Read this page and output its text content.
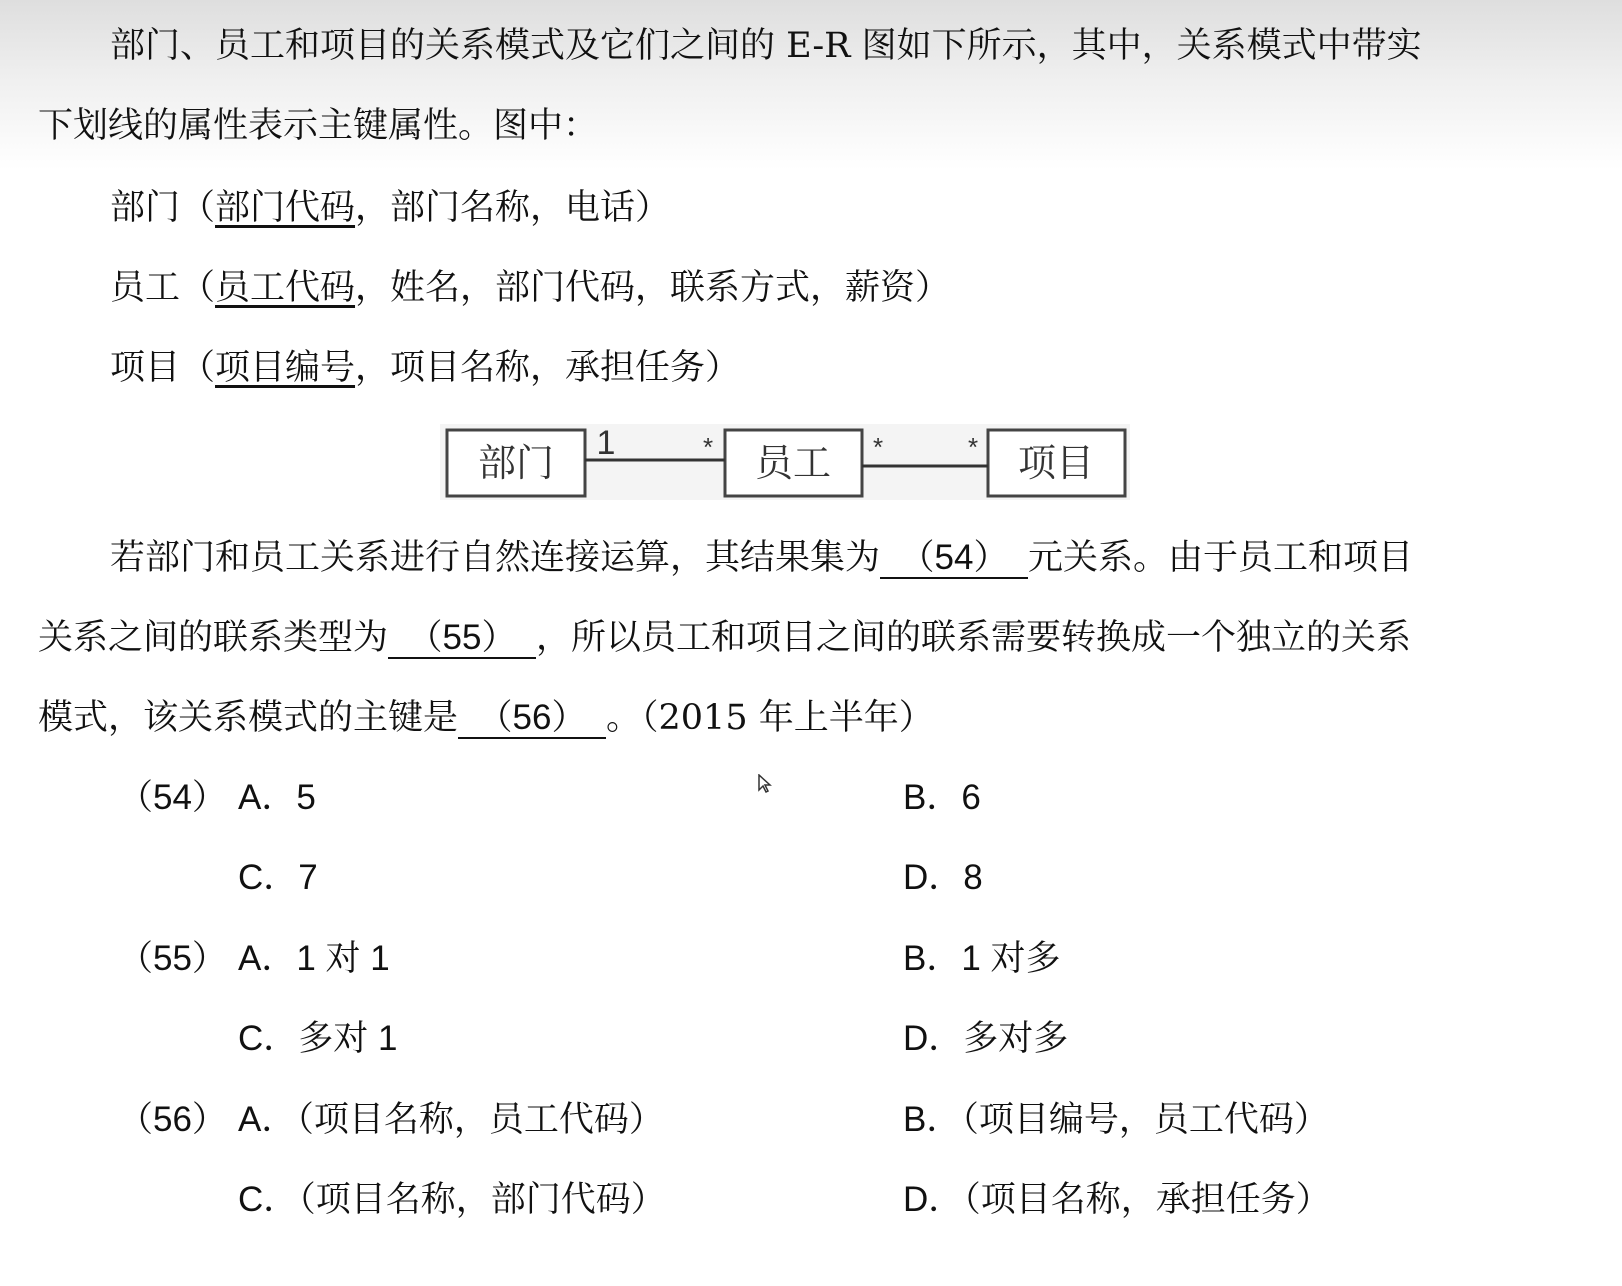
部门、员工和项目的关系模式及它们之间的 E-R 图如下所示，其中，关系模式中带实
下划线的属性表示主键属性。图中：
部门（部门代码，部门名称，电话）
员工（员工代码，姓名，部门代码，联系方式，薪资）
项目（项目编号，项目名称，承担任务）
部门	员工	项目
1	*	*	*
若部门和员工关系进行自然连接运算，其结果集为 （54） 元关系。由于员工和项目
关系之间的联系类型为 （55） ，所以员工和项目之间的联系需要转换成一个独立的关系
模式，该关系模式的主键是 （56） 。（2015 年上半年）
（54） A．5	B．6
C．7	D．8
（55） A．1 对 1	B．1 对多
C．多对 1	D．多对多
（56） A．（项目名称，员工代码）	B．（项目编号，员工代码）
C．（项目名称，部门代码）	D．（项目名称，承担任务）
